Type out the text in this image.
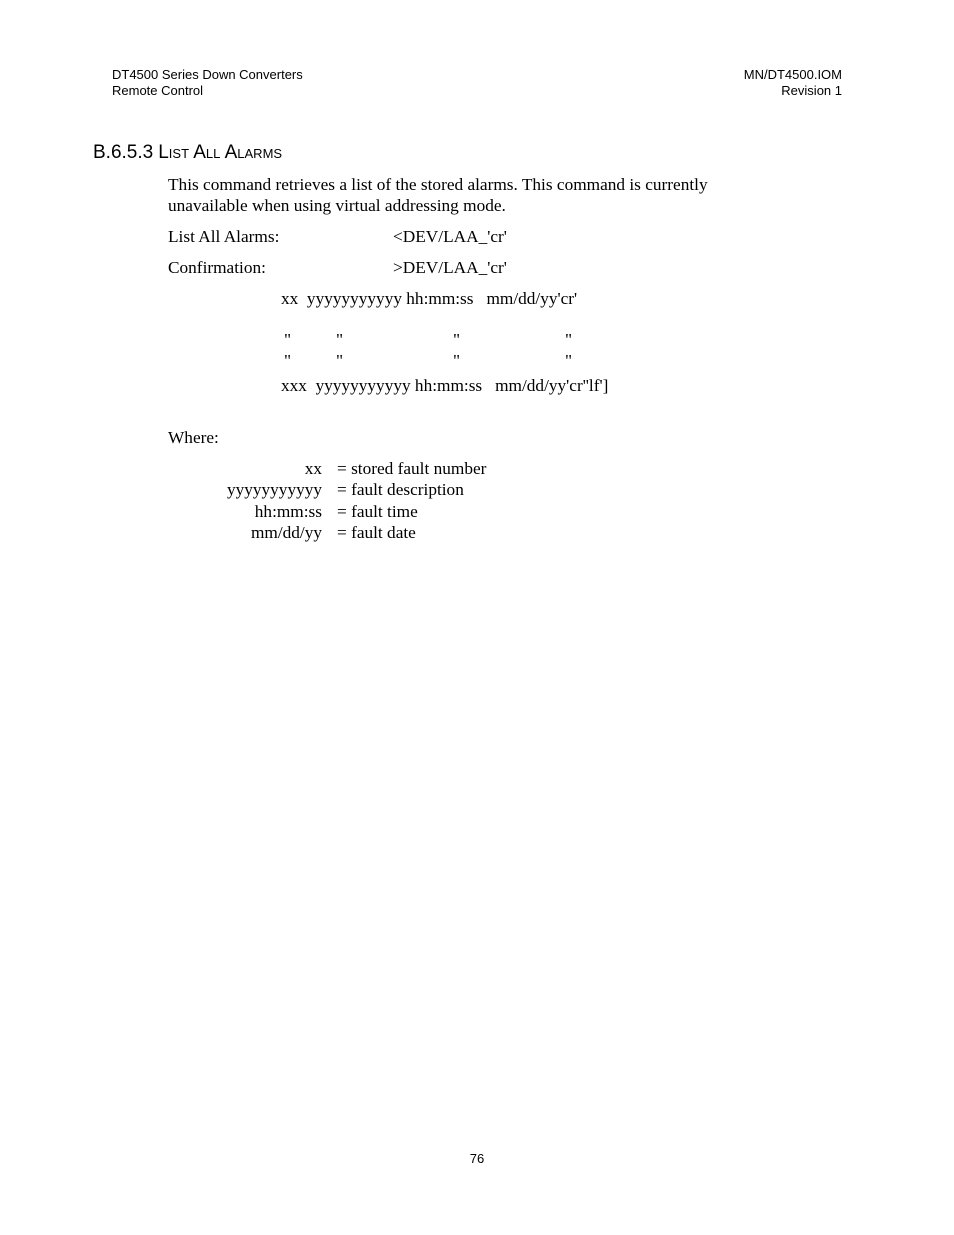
DT4500 Series Down Converters
Remote Control
MN/DT4500.IOM
Revision 1
B.6.5.3 List All Alarms
This command retrieves a list of the stored alarms. This command is currently unavailable when using virtual addressing mode.
List All Alarms:	<DEV/LAA_'cr'
Confirmation:	>DEV/LAA_'cr'
xx  yyyyyyyyyyy hh:mm:ss   mm/dd/yy'cr'
"	"	"	"
"	"	"	"
xxx  yyyyyyyyyyy hh:mm:ss   mm/dd/yy'cr''lf']
Where:
xx = stored fault number
yyyyyyyyyyy = fault description
hh:mm:ss = fault time
mm/dd/yy = fault date
76
